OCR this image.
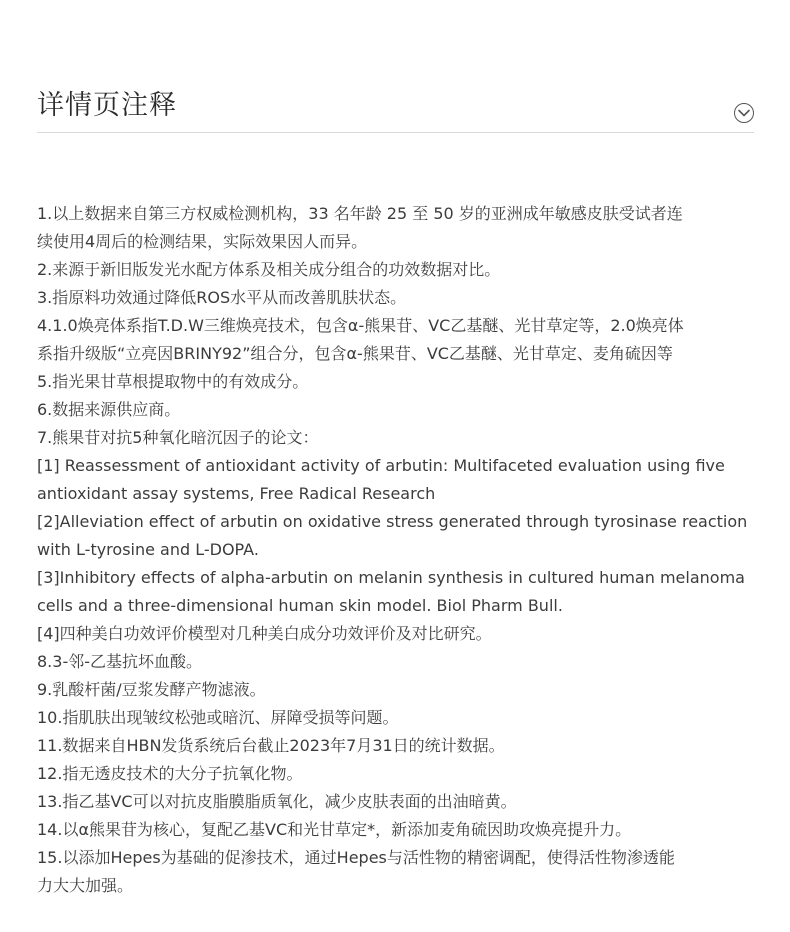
详情页注释
1.以上数据来自第三方权威检测机构，33 名年龄 25 至 50 岁的亚洲成年敏感皮肤受试者连
续使用4周后的检测结果，实际效果因人而异。
2.来源于新旧版发光水配方体系及相关成分组合的功效数据对比。
3.指原料功效通过降低ROS水平从而改善肌肤状态。
4.1.0焕亮体系指T.D.W三维焕亮技术，包含α-熊果苷、VC乙基醚、光甘草定等，2.0焕亮体
系指升级版“立亮因BRINY92”组合分，包含α-熊果苷、VC乙基醚、光甘草定、麦角硫因等
5.指光果甘草根提取物中的有效成分。
6.数据来源供应商。
7.熊果苷对抗5种氧化暗沉因子的论文：
[1] Reassessment of antioxidant activity of arbutin: Multifaceted evaluation using five
antioxidant assay systems, Free Radical Research
[2]Alleviation effect of arbutin on oxidative stress generated through tyrosinase reaction
with L-tyrosine and L-DOPA.
[3]Inhibitory effects of alpha-arbutin on melanin synthesis in cultured human melanoma
cells and a three-dimensional human skin model. Biol Pharm Bull.
[4]四种美白功效评价模型对几种美白成分功效评价及对比研究。
8.3-邻-乙基抗坏血酸。
9.乳酸杆菌/豆浆发酵产物滤液。
10.指肌肤出现皱纹松弛或暗沉、屏障受损等问题。
11.数据来自HBN发货系统后台截止2023年7月31日的统计数据。
12.指无透皮技术的大分子抗氧化物。
13.指乙基VC可以对抗皮脂膜脂质氧化，减少皮肤表面的出油暗黄。
14.以α熊果苷为核心，复配乙基VC和光甘草定*，新添加麦角硫因助攻焕亮提升力。
15.以添加Hepes为基础的促渗技术，通过Hepes与活性物的精密调配，使得活性物渗透能
力大大加强。
